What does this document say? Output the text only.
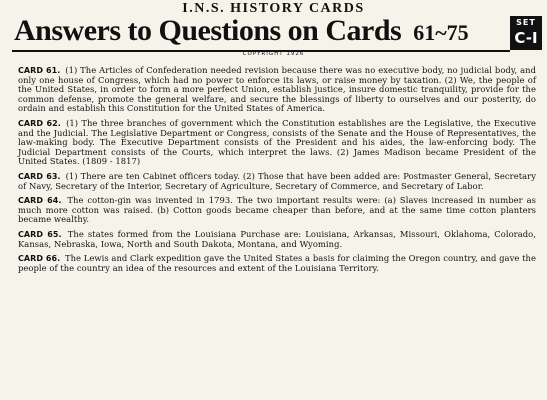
I.N.S. HISTORY CARDS
Answers to Questions on Cards 61~75	SET
C-I
COPYRIGHT 1926

CARD 61. (1) The Articles of Confederation needed revision because there was no executive body, no judicial body, and only one house of Congress, which had no power to enforce its laws, or raise money by taxation. (2) We, the people of the United States, in order to form a more perfect Union, establish justice, insure domestic tranquility, provide for the common defense, promote the general welfare, and secure the blessings of liberty to ourselves and our posterity, do ordain and establish this Constitution for the United States of America.

CARD 62. (1) The three branches of government which the Constitution establishes are the Legislative, the Executive and the Judicial. The Legislative Department or Congress, consists of the Senate and the House of Representatives, the law-making body. The Executive Department consists of the President and his aides, the law-enforcing body. The Judicial Department consists of the Courts, which interpret the laws. (2) James Madison became President of the United States. (1809 - 1817)

CARD 63. (1) There are ten Cabinet officers today. (2) Those that have been added are: Postmaster General, Secretary of Navy, Secretary of the Interior, Secretary of Agriculture, Secretary of Commerce, and Secretary of Labor.

CARD 64. The cotton-gin was invented in 1793. The two important results were: (a) Slaves increased in number as much more cotton was raised. (b) Cotton goods became cheaper than before, and at the same time cotton planters became wealthy.

CARD 65. The states formed from the Louisiana Purchase are: Louisiana, Arkansas, Missouri, Oklahoma, Colorado, Kansas, Nebraska, Iowa, North and South Dakota, Montana, and Wyoming.

CARD 66. The Lewis and Clark expedition gave the United States a basis for claiming the Oregon country, and gave the people of the country an idea of the resources and extent of the Louisiana Territory.
